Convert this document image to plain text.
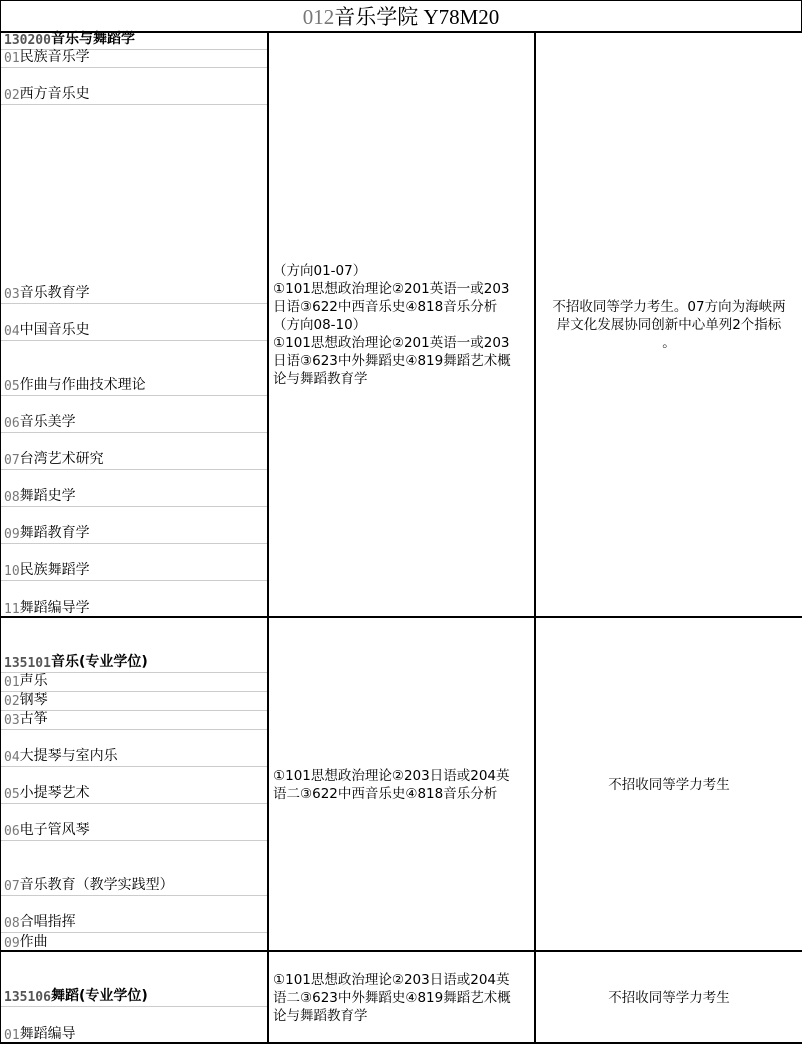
012音乐学院 Y78M20
130200 音乐与舞蹈学
01 民族音乐学
02 西方音乐史
03 音乐教育学
04 中国音乐史
05 作曲与作曲技术理论
06 音乐美学
07 台湾艺术研究
08 舞蹈史学
09 舞蹈教育学
10 民族舞蹈学
11 舞蹈编导学
（方向01-07）
①101思想政治理论②201英语一或203
日语③622中西音乐史④818音乐分析
（方向08-10）
①101思想政治理论②201英语一或203
日语③623中外舞蹈史④819舞蹈艺术概
论与舞蹈教育学
不招收同等学力考生。07方向为海峡两
岸文化发展协同创新中心单列2个指标
。
135101 音乐(专业学位)
01 声乐
02 钢琴
03 古筝
04 大提琴与室内乐
05 小提琴艺术
06 电子管风琴
07 音乐教育（教学实践型）
08 合唱指挥
09 作曲
①101思想政治理论②203日语或204英
语二③622中西音乐史④818音乐分析
不招收同等学力考生
135106 舞蹈(专业学位)
01 舞蹈编导
①101思想政治理论②203日语或204英
语二③623中外舞蹈史④819舞蹈艺术概
论与舞蹈教育学
不招收同等学力考生
